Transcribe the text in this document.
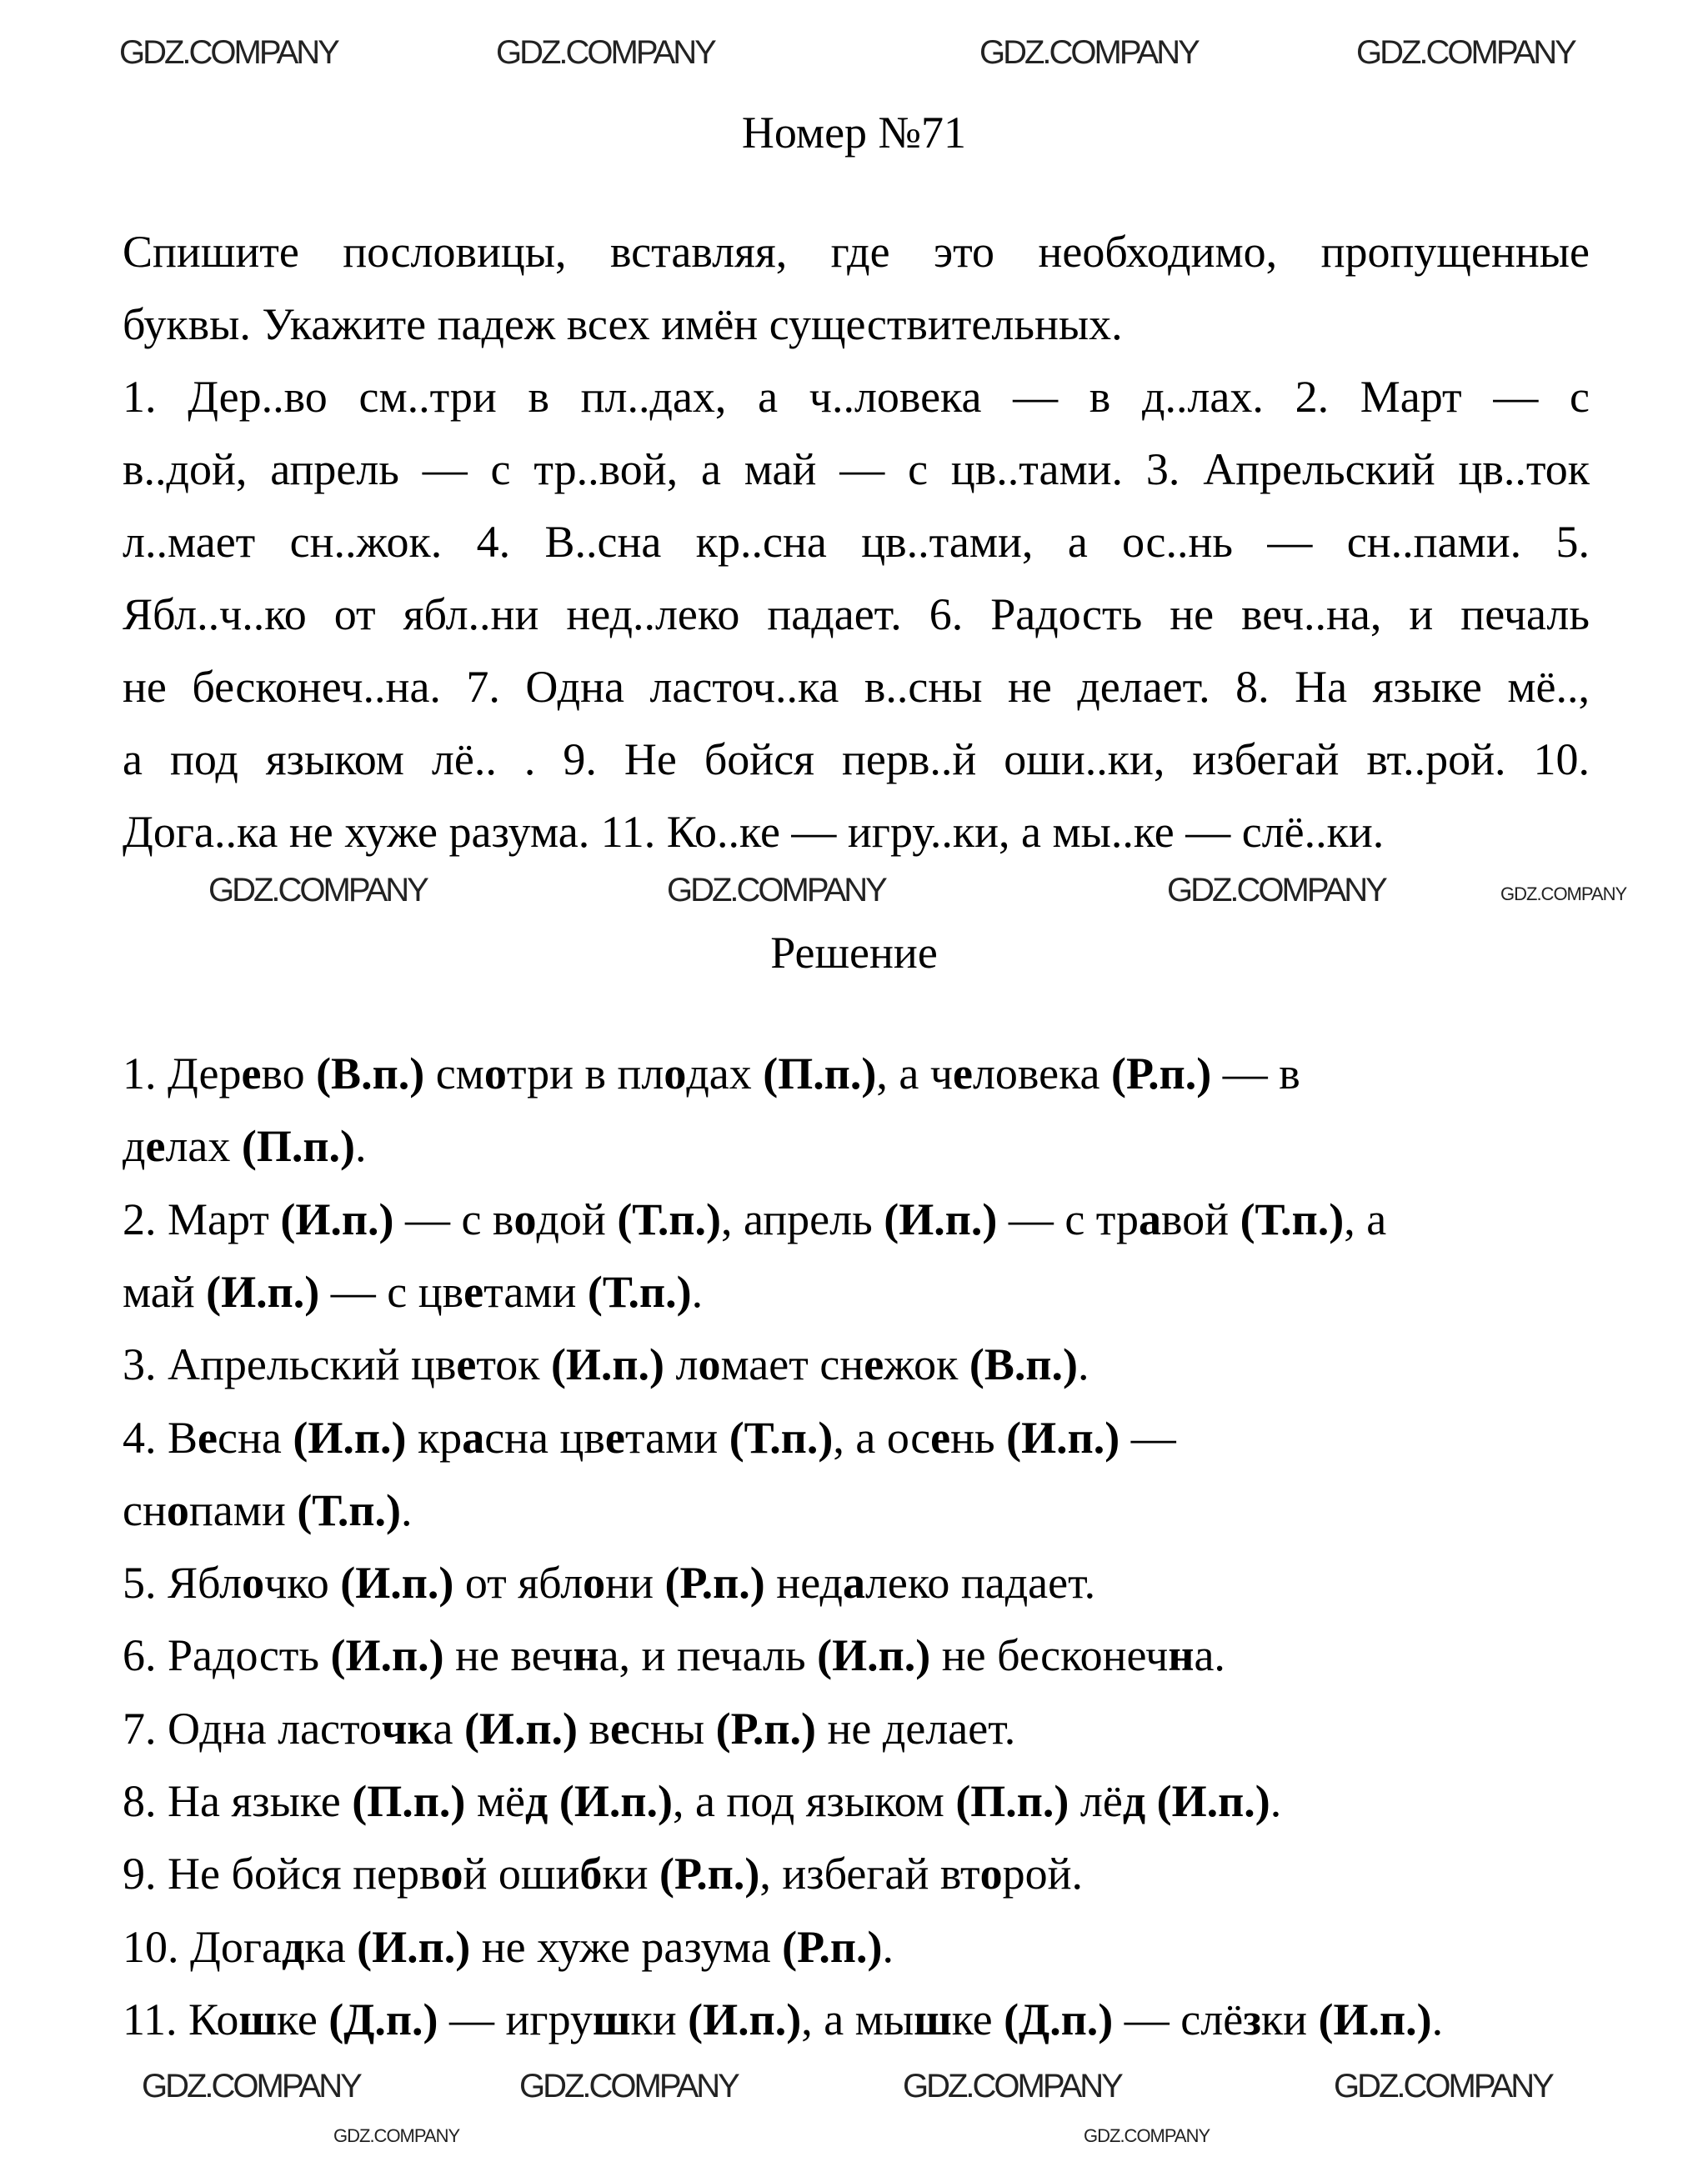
Номер №71
Спишите пословицы, вставляя, где это необходимо, пропущенные
буквы. Укажите падеж всех имён существительных.
1. Дер..во см..три в пл..дах, а ч..ловека — в д..лах. 2. Март — с
в..дой, апрель — с тр..вой, а май — с цв..тами. 3. Апрельский цв..ток
л..мает сн..жок. 4. В..сна кр..сна цв..тами, а ос..нь — сн..пами. 5.
Ябл..ч..ко от ябл..ни нед..леко падает. 6. Радость не веч..на, и печаль
не бесконеч..на. 7. Одна ласточ..ка в..сны не делает. 8. На языке мё..,
а под языком лё.. . 9. Не бойся перв..й оши..ки, избегай вт..рой. 10.
Дога..ка не хуже разума. 11. Ко..ке — игру..ки, а мы..ке — слё..ки.
Решение
1. Дерево (В.п.) смотри в плодах (П.п.), а человека (Р.п.) — в
делах (П.п.).
2. Март (И.п.) — с водой (Т.п.), апрель (И.п.) — с травой (Т.п.), а
май (И.п.) — с цветами (Т.п.).
3. Апрельский цветок (И.п.) ломает снежок (В.п.).
4. Весна (И.п.) красна цветами (Т.п.), а осень (И.п.) —
снопами (Т.п.).
5. Яблочко (И.п.) от яблони (Р.п.) недалеко падает.
6. Радость (И.п.) не вечна, и печаль (И.п.) не бесконечна.
7. Одна ласточка (И.п.) весны (Р.п.) не делает.
8. На языке (П.п.) мёд (И.п.), а под языком (П.п.) лёд (И.п.).
9. Не бойся первой ошибки (Р.п.), избегай второй.
10. Догадка (И.п.) не хуже разума (Р.п.).
11. Кошке (Д.п.) — игрушки (И.п.), а мышке (Д.п.) — слёзки (И.п.).
GDZ.COMPANY	GDZ.COMPANY	GDZ.COMPANY	GDZ.COMPANY
GDZ.COMPANY	GDZ.COMPANY	GDZ.COMPANY	GDZ.COMPANY
GDZ.COMPANY	GDZ.COMPANY	GDZ.COMPANY	GDZ.COMPANY
GDZ.COMPANY	GDZ.COMPANY
